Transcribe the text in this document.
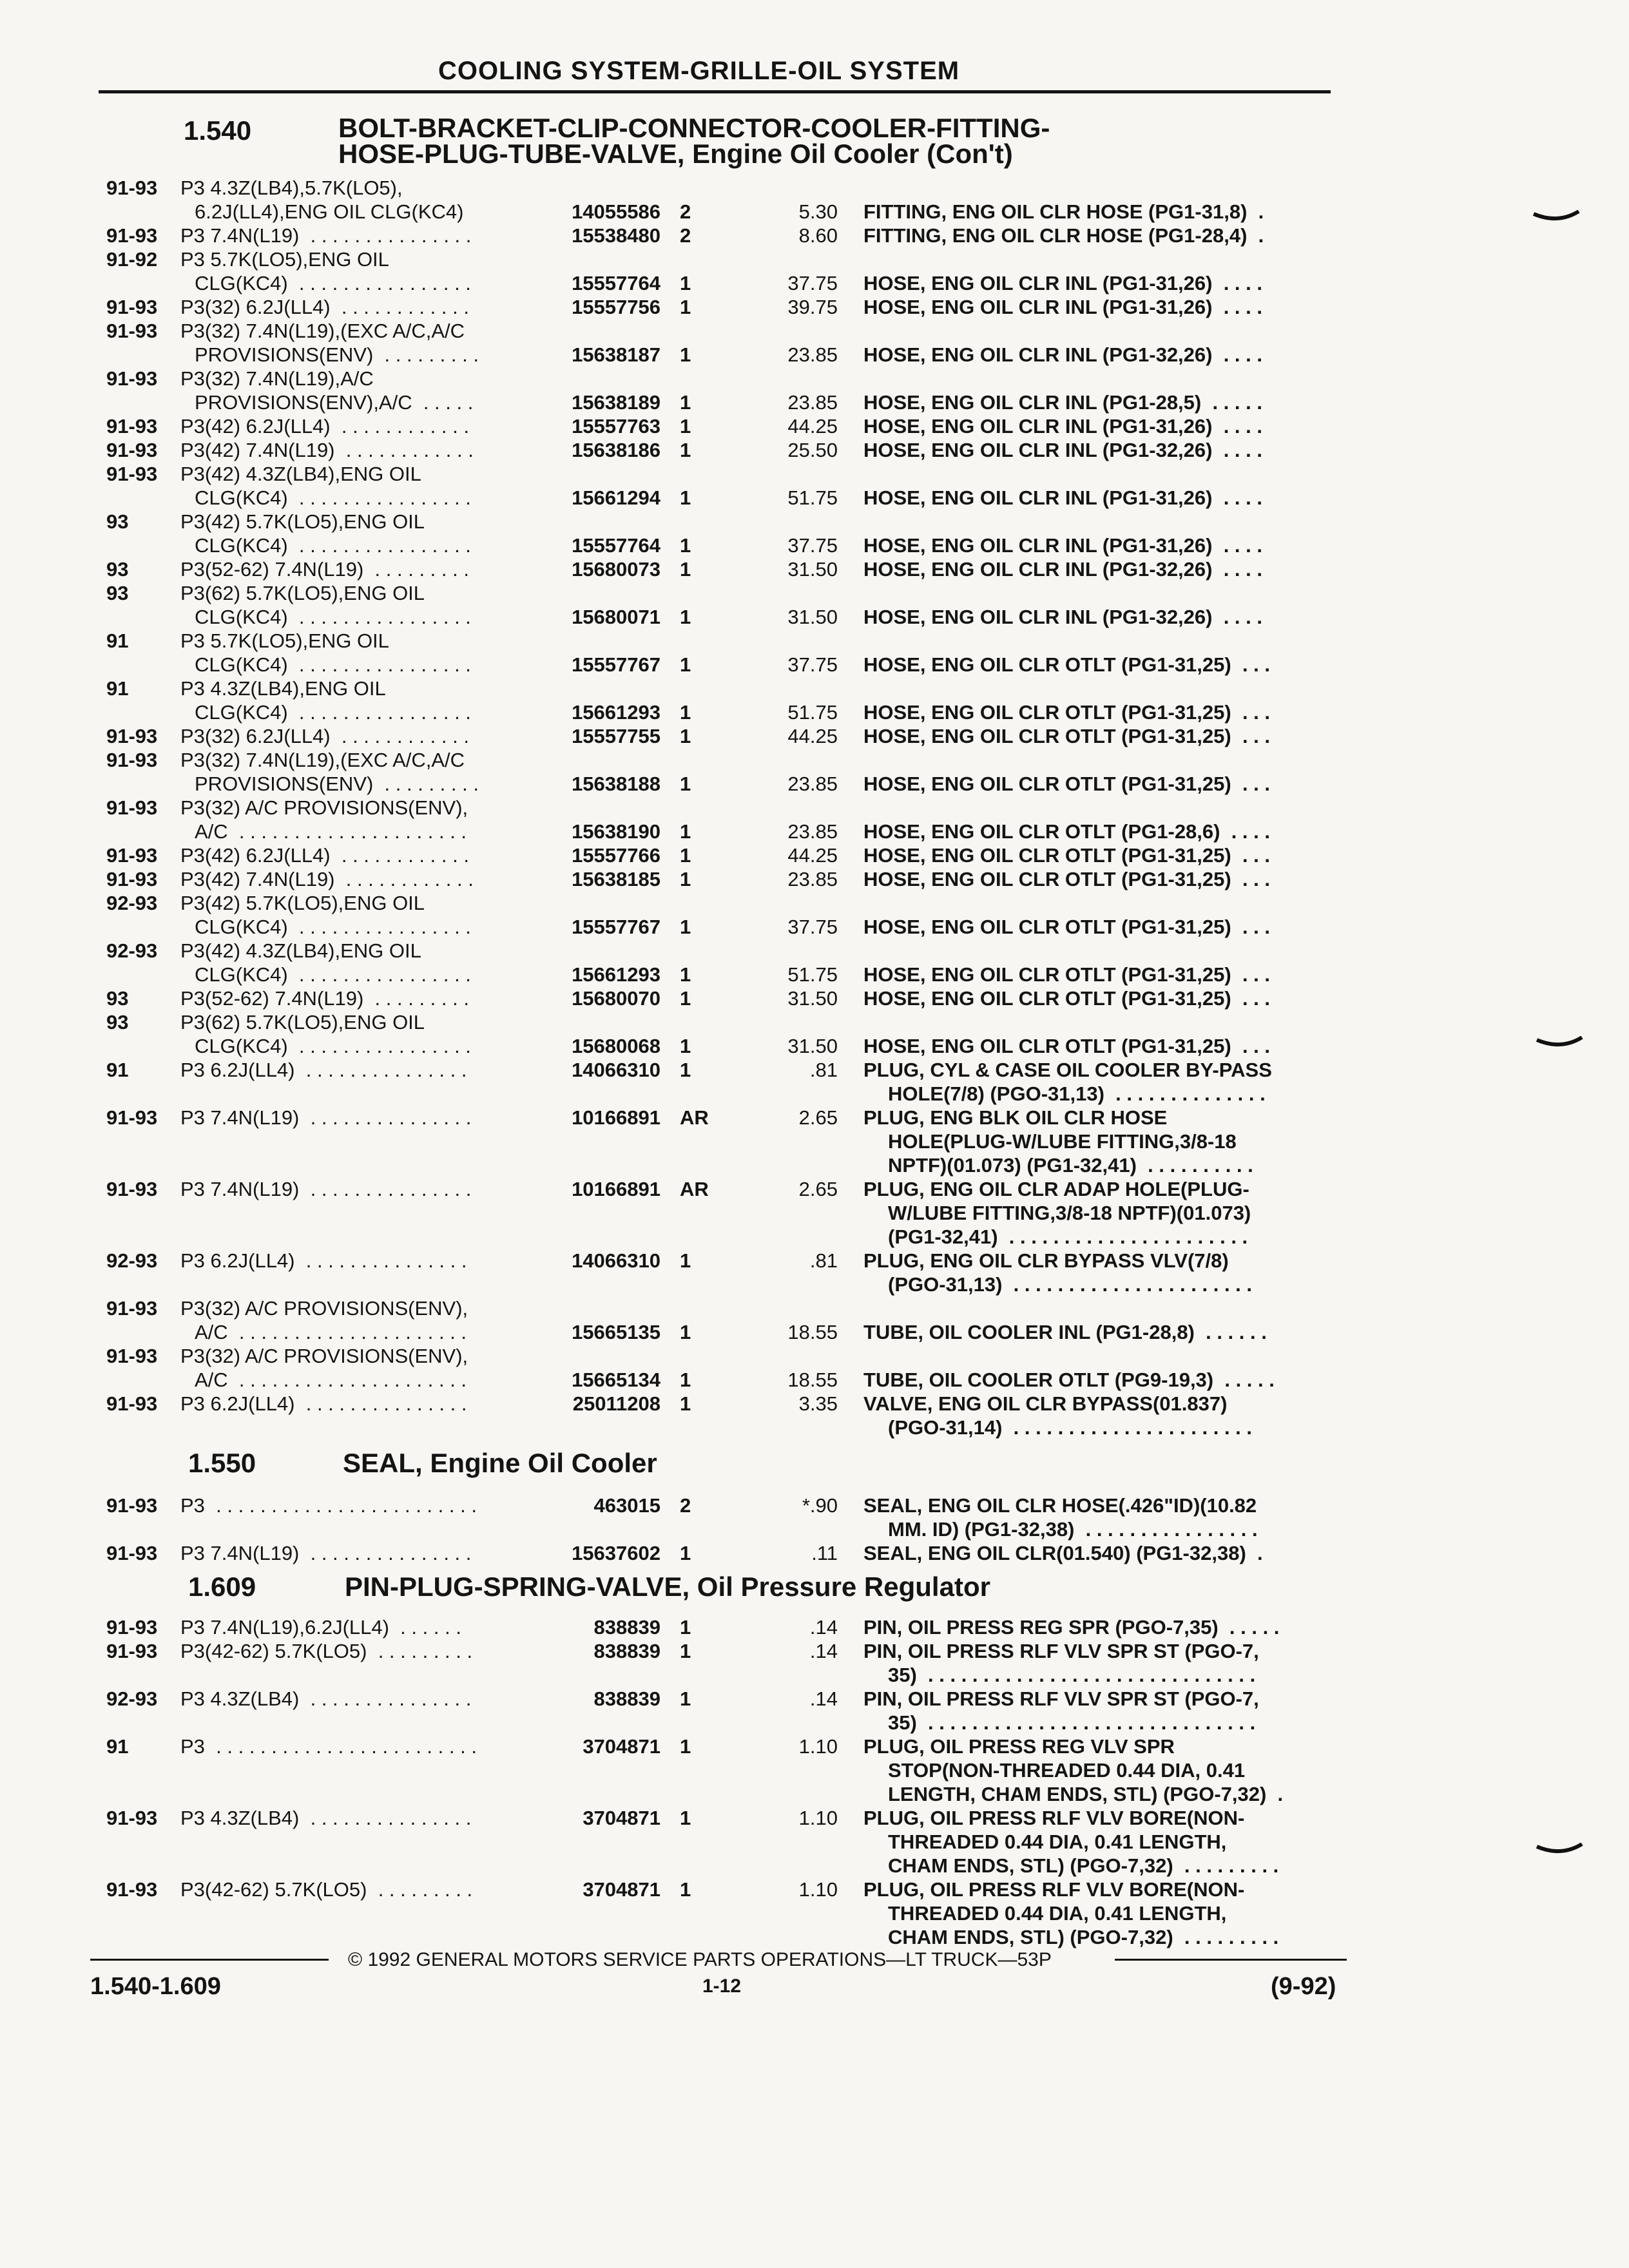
COOLING SYSTEM-GRILLE-OIL SYSTEM
1.540	BOLT-BRACKET-CLIP-CONNECTOR-COOLER-FITTING-
HOSE-PLUG-TUBE-VALVE, Engine Oil Cooler (Con't)
1.550	SEAL, Engine Oil Cooler
1.609	PIN-PLUG-SPRING-VALVE, Oil Pressure Regulator
91-93 P3 4.3Z(LB4),5.7K(LO5),
6.2J(LL4),ENG OIL CLG(KC4)	14055586 2	5.30 FITTING, ENG OIL CLR HOSE (PG1-31,8)  .
91-93 P3 7.4N(L19)  . . . . . . . . . . . . . . .	15538480 2	8.60 FITTING, ENG OIL CLR HOSE (PG1-28,4)  .
91-92 P3 5.7K(LO5),ENG OIL
CLG(KC4)  . . . . . . . . . . . . . . . .	15557764 1	37.75 HOSE, ENG OIL CLR INL (PG1-31,26)  . . . .
91-93 P3(32) 6.2J(LL4)  . . . . . . . . . . . .	15557756 1	39.75 HOSE, ENG OIL CLR INL (PG1-31,26)  . . . .
91-93 P3(32) 7.4N(L19),(EXC A/C,A/C
PROVISIONS(ENV)  . . . . . . . . .	15638187 1	23.85 HOSE, ENG OIL CLR INL (PG1-32,26)  . . . .
91-93 P3(32) 7.4N(L19),A/C
PROVISIONS(ENV),A/C  . . . . .	15638189 1	23.85 HOSE, ENG OIL CLR INL (PG1-28,5)  . . . . .
91-93 P3(42) 6.2J(LL4)  . . . . . . . . . . . .	15557763 1	44.25 HOSE, ENG OIL CLR INL (PG1-31,26)  . . . .
91-93 P3(42) 7.4N(L19)  . . . . . . . . . . . .	15638186 1	25.50 HOSE, ENG OIL CLR INL (PG1-32,26)  . . . .
91-93 P3(42) 4.3Z(LB4),ENG OIL
CLG(KC4)  . . . . . . . . . . . . . . . .	15661294 1	51.75 HOSE, ENG OIL CLR INL (PG1-31,26)  . . . .
93	P3(42) 5.7K(LO5),ENG OIL
CLG(KC4)  . . . . . . . . . . . . . . . .	15557764 1	37.75 HOSE, ENG OIL CLR INL (PG1-31,26)  . . . .
93	P3(52-62) 7.4N(L19)  . . . . . . . . .	15680073 1	31.50 HOSE, ENG OIL CLR INL (PG1-32,26)  . . . .
93	P3(62) 5.7K(LO5),ENG OIL
CLG(KC4)  . . . . . . . . . . . . . . . .	15680071 1	31.50 HOSE, ENG OIL CLR INL (PG1-32,26)  . . . .
91	P3 5.7K(LO5),ENG OIL
CLG(KC4)  . . . . . . . . . . . . . . . .	15557767 1	37.75 HOSE, ENG OIL CLR OTLT (PG1-31,25)  . . .
91	P3 4.3Z(LB4),ENG OIL
CLG(KC4)  . . . . . . . . . . . . . . . .	15661293 1	51.75 HOSE, ENG OIL CLR OTLT (PG1-31,25)  . . .
91-93 P3(32) 6.2J(LL4)  . . . . . . . . . . . .	15557755 1	44.25 HOSE, ENG OIL CLR OTLT (PG1-31,25)  . . .
91-93 P3(32) 7.4N(L19),(EXC A/C,A/C
PROVISIONS(ENV)  . . . . . . . . .	15638188 1	23.85 HOSE, ENG OIL CLR OTLT (PG1-31,25)  . . .
91-93 P3(32) A/C PROVISIONS(ENV),
A/C  . . . . . . . . . . . . . . . . . . . . .	15638190 1	23.85 HOSE, ENG OIL CLR OTLT (PG1-28,6)  . . . .
91-93 P3(42) 6.2J(LL4)  . . . . . . . . . . . .	15557766 1	44.25 HOSE, ENG OIL CLR OTLT (PG1-31,25)  . . .
91-93 P3(42) 7.4N(L19)  . . . . . . . . . . . .	15638185 1	23.85 HOSE, ENG OIL CLR OTLT (PG1-31,25)  . . .
92-93 P3(42) 5.7K(LO5),ENG OIL
CLG(KC4)  . . . . . . . . . . . . . . . .	15557767 1	37.75 HOSE, ENG OIL CLR OTLT (PG1-31,25)  . . .
92-93 P3(42) 4.3Z(LB4),ENG OIL
CLG(KC4)  . . . . . . . . . . . . . . . .	15661293 1	51.75 HOSE, ENG OIL CLR OTLT (PG1-31,25)  . . .
93	P3(52-62) 7.4N(L19)  . . . . . . . . .	15680070 1	31.50 HOSE, ENG OIL CLR OTLT (PG1-31,25)  . . .
93	P3(62) 5.7K(LO5),ENG OIL
CLG(KC4)  . . . . . . . . . . . . . . . .	15680068 1	31.50 HOSE, ENG OIL CLR OTLT (PG1-31,25)  . . .
91	P3 6.2J(LL4)  . . . . . . . . . . . . . . .	14066310 1	.81 PLUG, CYL & CASE OIL COOLER BY-PASS
HOLE(7/8) (PGO-31,13)  . . . . . . . . . . . . . .
91-93 P3 7.4N(L19)  . . . . . . . . . . . . . . .	10166891 AR	2.65 PLUG, ENG BLK OIL CLR HOSE
HOLE(PLUG-W/LUBE FITTING,3/8-18
NPTF)(01.073) (PG1-32,41)  . . . . . . . . . .
91-93 P3 7.4N(L19)  . . . . . . . . . . . . . . .	10166891 AR	2.65 PLUG, ENG OIL CLR ADAP HOLE(PLUG-
W/LUBE FITTING,3/8-18 NPTF)(01.073)
(PG1-32,41)  . . . . . . . . . . . . . . . . . . . . . .
92-93 P3 6.2J(LL4)  . . . . . . . . . . . . . . .	14066310 1	.81 PLUG, ENG OIL CLR BYPASS VLV(7/8)
(PGO-31,13)  . . . . . . . . . . . . . . . . . . . . . .
91-93 P3(32) A/C PROVISIONS(ENV),
A/C  . . . . . . . . . . . . . . . . . . . . .	15665135 1	18.55 TUBE, OIL COOLER INL (PG1-28,8)  . . . . . .
91-93 P3(32) A/C PROVISIONS(ENV),
A/C  . . . . . . . . . . . . . . . . . . . . .	15665134 1	18.55 TUBE, OIL COOLER OTLT (PG9-19,3)  . . . . .
91-93 P3 6.2J(LL4)  . . . . . . . . . . . . . . .	25011208 1	3.35 VALVE, ENG OIL CLR BYPASS(01.837)
(PGO-31,14)  . . . . . . . . . . . . . . . . . . . . . .
91-93 P3  . . . . . . . . . . . . . . . . . . . . . . . .	463015 2	*.90 SEAL, ENG OIL CLR HOSE(.426"ID)(10.82
MM. ID) (PG1-32,38)  . . . . . . . . . . . . . . . .
91-93 P3 7.4N(L19)  . . . . . . . . . . . . . . .	15637602 1	.11 SEAL, ENG OIL CLR(01.540) (PG1-32,38)  .
91-93 P3 7.4N(L19),6.2J(LL4)  . . . . . .	838839 1	.14 PIN, OIL PRESS REG SPR (PGO-7,35)  . . . . .
91-93 P3(42-62) 5.7K(LO5)  . . . . . . . . .	838839 1	.14 PIN, OIL PRESS RLF VLV SPR ST (PGO-7,
35)  . . . . . . . . . . . . . . . . . . . . . . . . . . . . . .
92-93 P3 4.3Z(LB4)  . . . . . . . . . . . . . . .	838839 1	.14 PIN, OIL PRESS RLF VLV SPR ST (PGO-7,
35)  . . . . . . . . . . . . . . . . . . . . . . . . . . . . . .
91	P3  . . . . . . . . . . . . . . . . . . . . . . . .	3704871 1	1.10 PLUG, OIL PRESS REG VLV SPR
STOP(NON-THREADED 0.44 DIA, 0.41
LENGTH, CHAM ENDS, STL) (PGO-7,32)  .
91-93 P3 4.3Z(LB4)  . . . . . . . . . . . . . . .	3704871 1	1.10 PLUG, OIL PRESS RLF VLV BORE(NON-
THREADED 0.44 DIA, 0.41 LENGTH,
CHAM ENDS, STL) (PGO-7,32)  . . . . . . . . .
91-93 P3(42-62) 5.7K(LO5)  . . . . . . . . .	3704871 1	1.10 PLUG, OIL PRESS RLF VLV BORE(NON-
THREADED 0.44 DIA, 0.41 LENGTH,
CHAM ENDS, STL) (PGO-7,32)  . . . . . . . . .
© 1992 GENERAL MOTORS SERVICE PARTS OPERATIONS—LT TRUCK—53P
1.540-1.609	1-12	(9-92)
